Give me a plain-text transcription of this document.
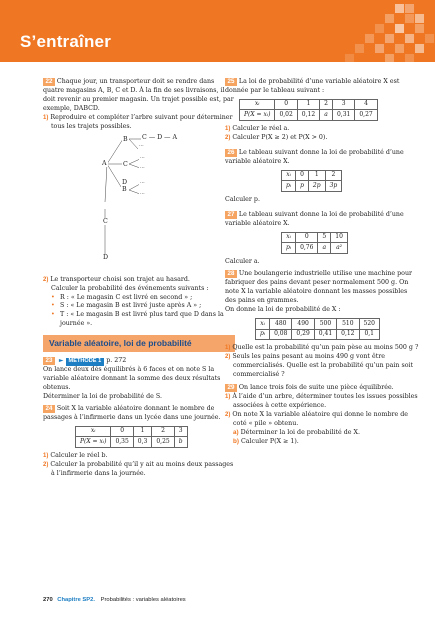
S’entraîner

22 Chaque jour, un transporteur doit se rendre dans quatre magasins A, B, C et D. À la fin de ses livraisons, il doit revenir au premier magasin. Un trajet possible est, par exemple, DABCD.

1) Reproduire et compléter l’arbre suivant pour déterminer tous les trajets possibles.

A
B C — D — A
...
C
...
...
D
B
...
...
C
D

2) Le transporteur choisi son trajet au hasard.

Calculer la probabilité des événements suivants :

• R : « Le magasin C est livré en second » ;

• S : « Le magasin B est livré juste après A » ;

• T : « Le magasin B est livré plus tard que D dans la journée ».

Variable aléatoire, loi de probabilité

23 ► MÉTHODE 1 p. 272

On lance deux dés équilibrés à 6 faces et on note S la variable aléatoire donnant la somme des deux résultats obtenus.

Déterminer la loi de probabilité de S.

24 Soit X la variable aléatoire donnant le nombre de passages à l’infirmerie dans un lycée dans une journée.

xᵢ	0	1	2	3
P(X = xᵢ)	0,35	0,3	0,25	b

1) Calculer le réel b.

2) Calculer la probabilité qu’il y ait au moins deux passages à l’infirmerie dans la journée.

25 La loi de probabilité d’une variable aléatoire X est donnée par le tableau suivant :

xᵢ	0	1	2	3	4
P(X = xᵢ)	0,02	0,12	a	0,31	0,27

1) Calculer le réel a.

2) Calculer P(X ≥ 2) et P(X > 0).

26 Le tableau suivant donne la loi de probabilité d’une variable aléatoire X.

xᵢ	0	1	2
pᵢ	p	2p	3p

Calculer p.

27 Le tableau suivant donne la loi de probabilité d’une variable aléatoire X.

xᵢ	0	5	10
pᵢ	0,76	a	a²

Calculer a.

28 Une boulangerie industrielle utilise une machine pour fabriquer des pains devant peser normalement 500 g. On note X la variable aléatoire donnant les masses possibles des pains en grammes.

On donne la loi de probabilité de X :

xᵢ	480	490	500	510	520
pᵢ	0,08	0,29	0,41	0,12	0,1

1) Quelle est la probabilité qu’un pain pèse au moins 500 g ?

2) Seuls les pains pesant au moins 490 g vont être commercialisés. Quelle est la probabilité qu’un pain soit commercialisé ?

29 On lance trois fois de suite une pièce équilibrée.

1) À l’aide d’un arbre, déterminer toutes les issues possibles associées à cette expérience.

2) On note X la variable aléatoire qui donne le nombre de coté « pile » obtenu.

a) Déterminer la loi de probabilité de X.

b) Calculer P(X ≥ 1).

270 Chapitre SP2. Probabilités : variables aléatoires
